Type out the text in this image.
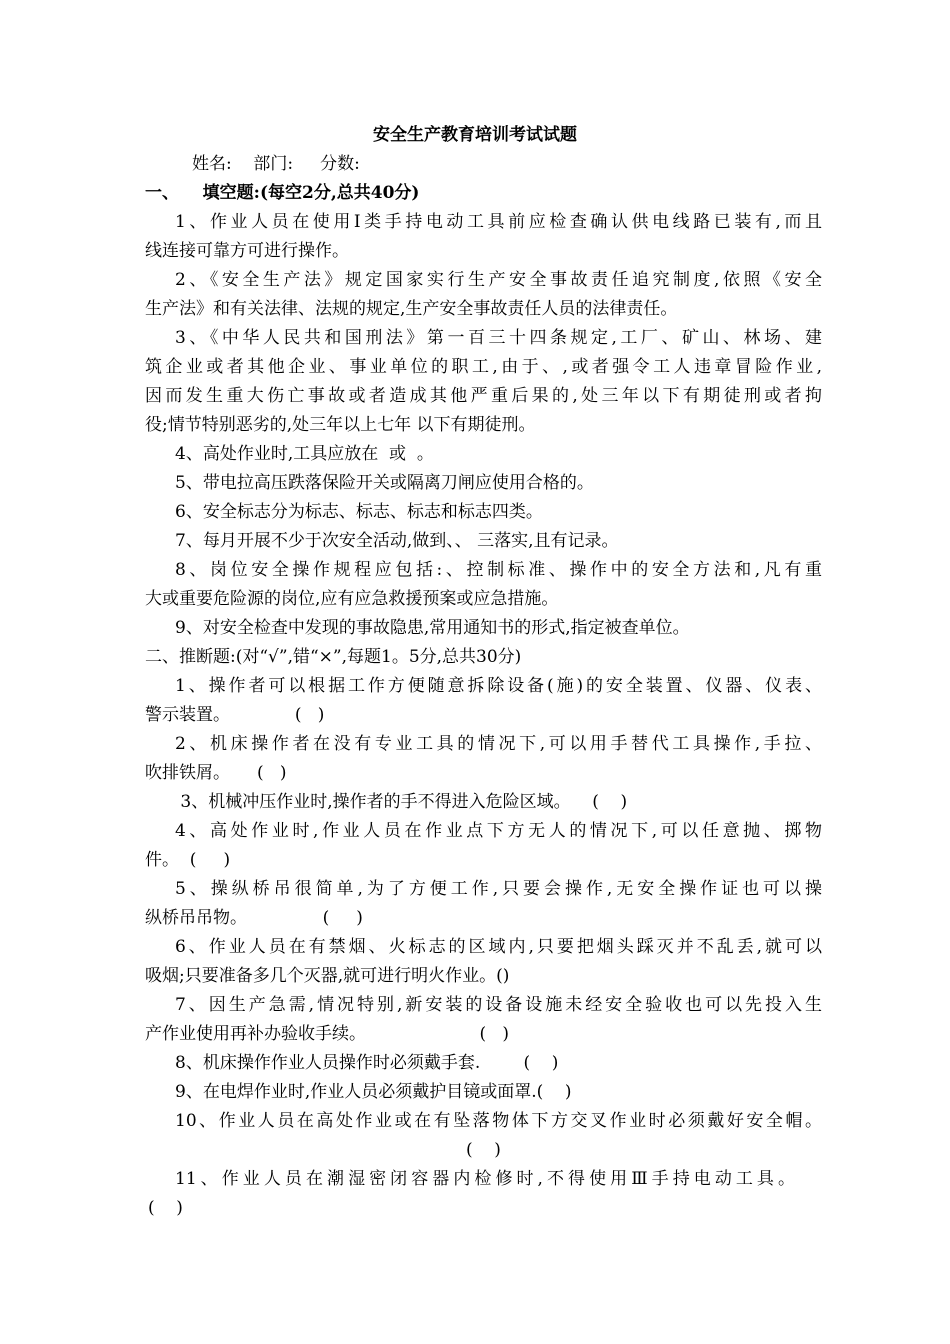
安全生产教育培训考试试题
姓名:    部门:     分数:
一、    填空题:(每空2分,总共40分)
1、作业人员在使用Ⅰ类手持电动工具前应检查确认供电线路已装有,而且
线连接可靠方可进行操作。
2、《安全生产法》规定国家实行生产安全事故责任追究制度,依照《安全
生产法》和有关法律、法规的规定,生产安全事故责任人员的法律责任。
3、《中华人民共和国刑法》第一百三十四条规定,工厂、矿山、林场、建
筑企业或者其他企业、事业单位的职工,由于、,或者强令工人违章冒险作业,
因而发生重大伤亡事故或者造成其他严重后果的,处三年以下有期徒刑或者拘
役;情节特别恶劣的,处三年以上七年 以下有期徒刑。
4、高处作业时,工具应放在  或  。
5、带电拉高压跌落保险开关或隔离刀闸应使用合格的。
6、安全标志分为标志、标志、标志和标志四类。
7、每月开展不少于次安全活动,做到、、 三落实,且有记录。
8、岗位安全操作规程应包括:、控制标准、操作中的安全方法和,凡有重
大或重要危险源的岗位,应有应急救援预案或应急措施。
9、对安全检查中发现的事故隐患,常用通知书的形式,指定被查单位。
二、推断题:(对“√”,错“×”,每题1。5分,总共30分)
1、操作者可以根据工作方便随意拆除设备(施)的安全装置、仪器、仪表、
警示装置。            (   )
2、机床操作者在没有专业工具的情况下,可以用手替代工具操作,手拉、
吹排铁屑。     (   )
3、机械冲压作业时,操作者的手不得进入危险区域。    (    )
4、高处作业时,作业人员在作业点下方无人的情况下,可以任意抛、掷物
件。  (     )
5、操纵桥吊很简单,为了方便工作,只要会操作,无安全操作证也可以操
纵桥吊吊物。              (     )
6、作业人员在有禁烟、火标志的区域内,只要把烟头踩灭并不乱丢,就可以
吸烟;只要准备多几个灭器,就可进行明火作业。()
7、因生产急需,情况特别,新安装的设备设施未经安全验收也可以先投入生
产作业使用再补办验收手续。                     (   )
8、机床操作作业人员操作时必须戴手套.        (    )
9、在电焊作业时,作业人员必须戴护目镜或面罩.(    )
10、作业人员在高处作业或在有坠落物体下方交叉作业时必须戴好安全帽。
(    )
11、作业人员在潮湿密闭容器内检修时,不得使用Ⅲ手持电动工具。
(    )
